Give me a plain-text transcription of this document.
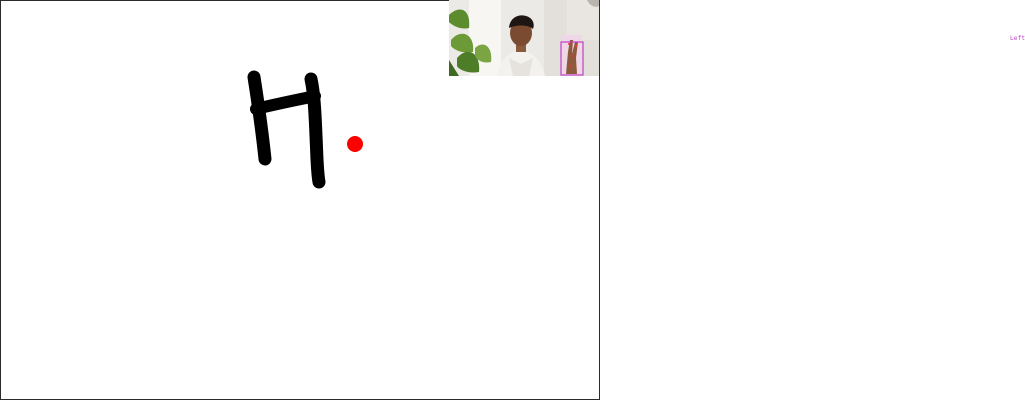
Left
